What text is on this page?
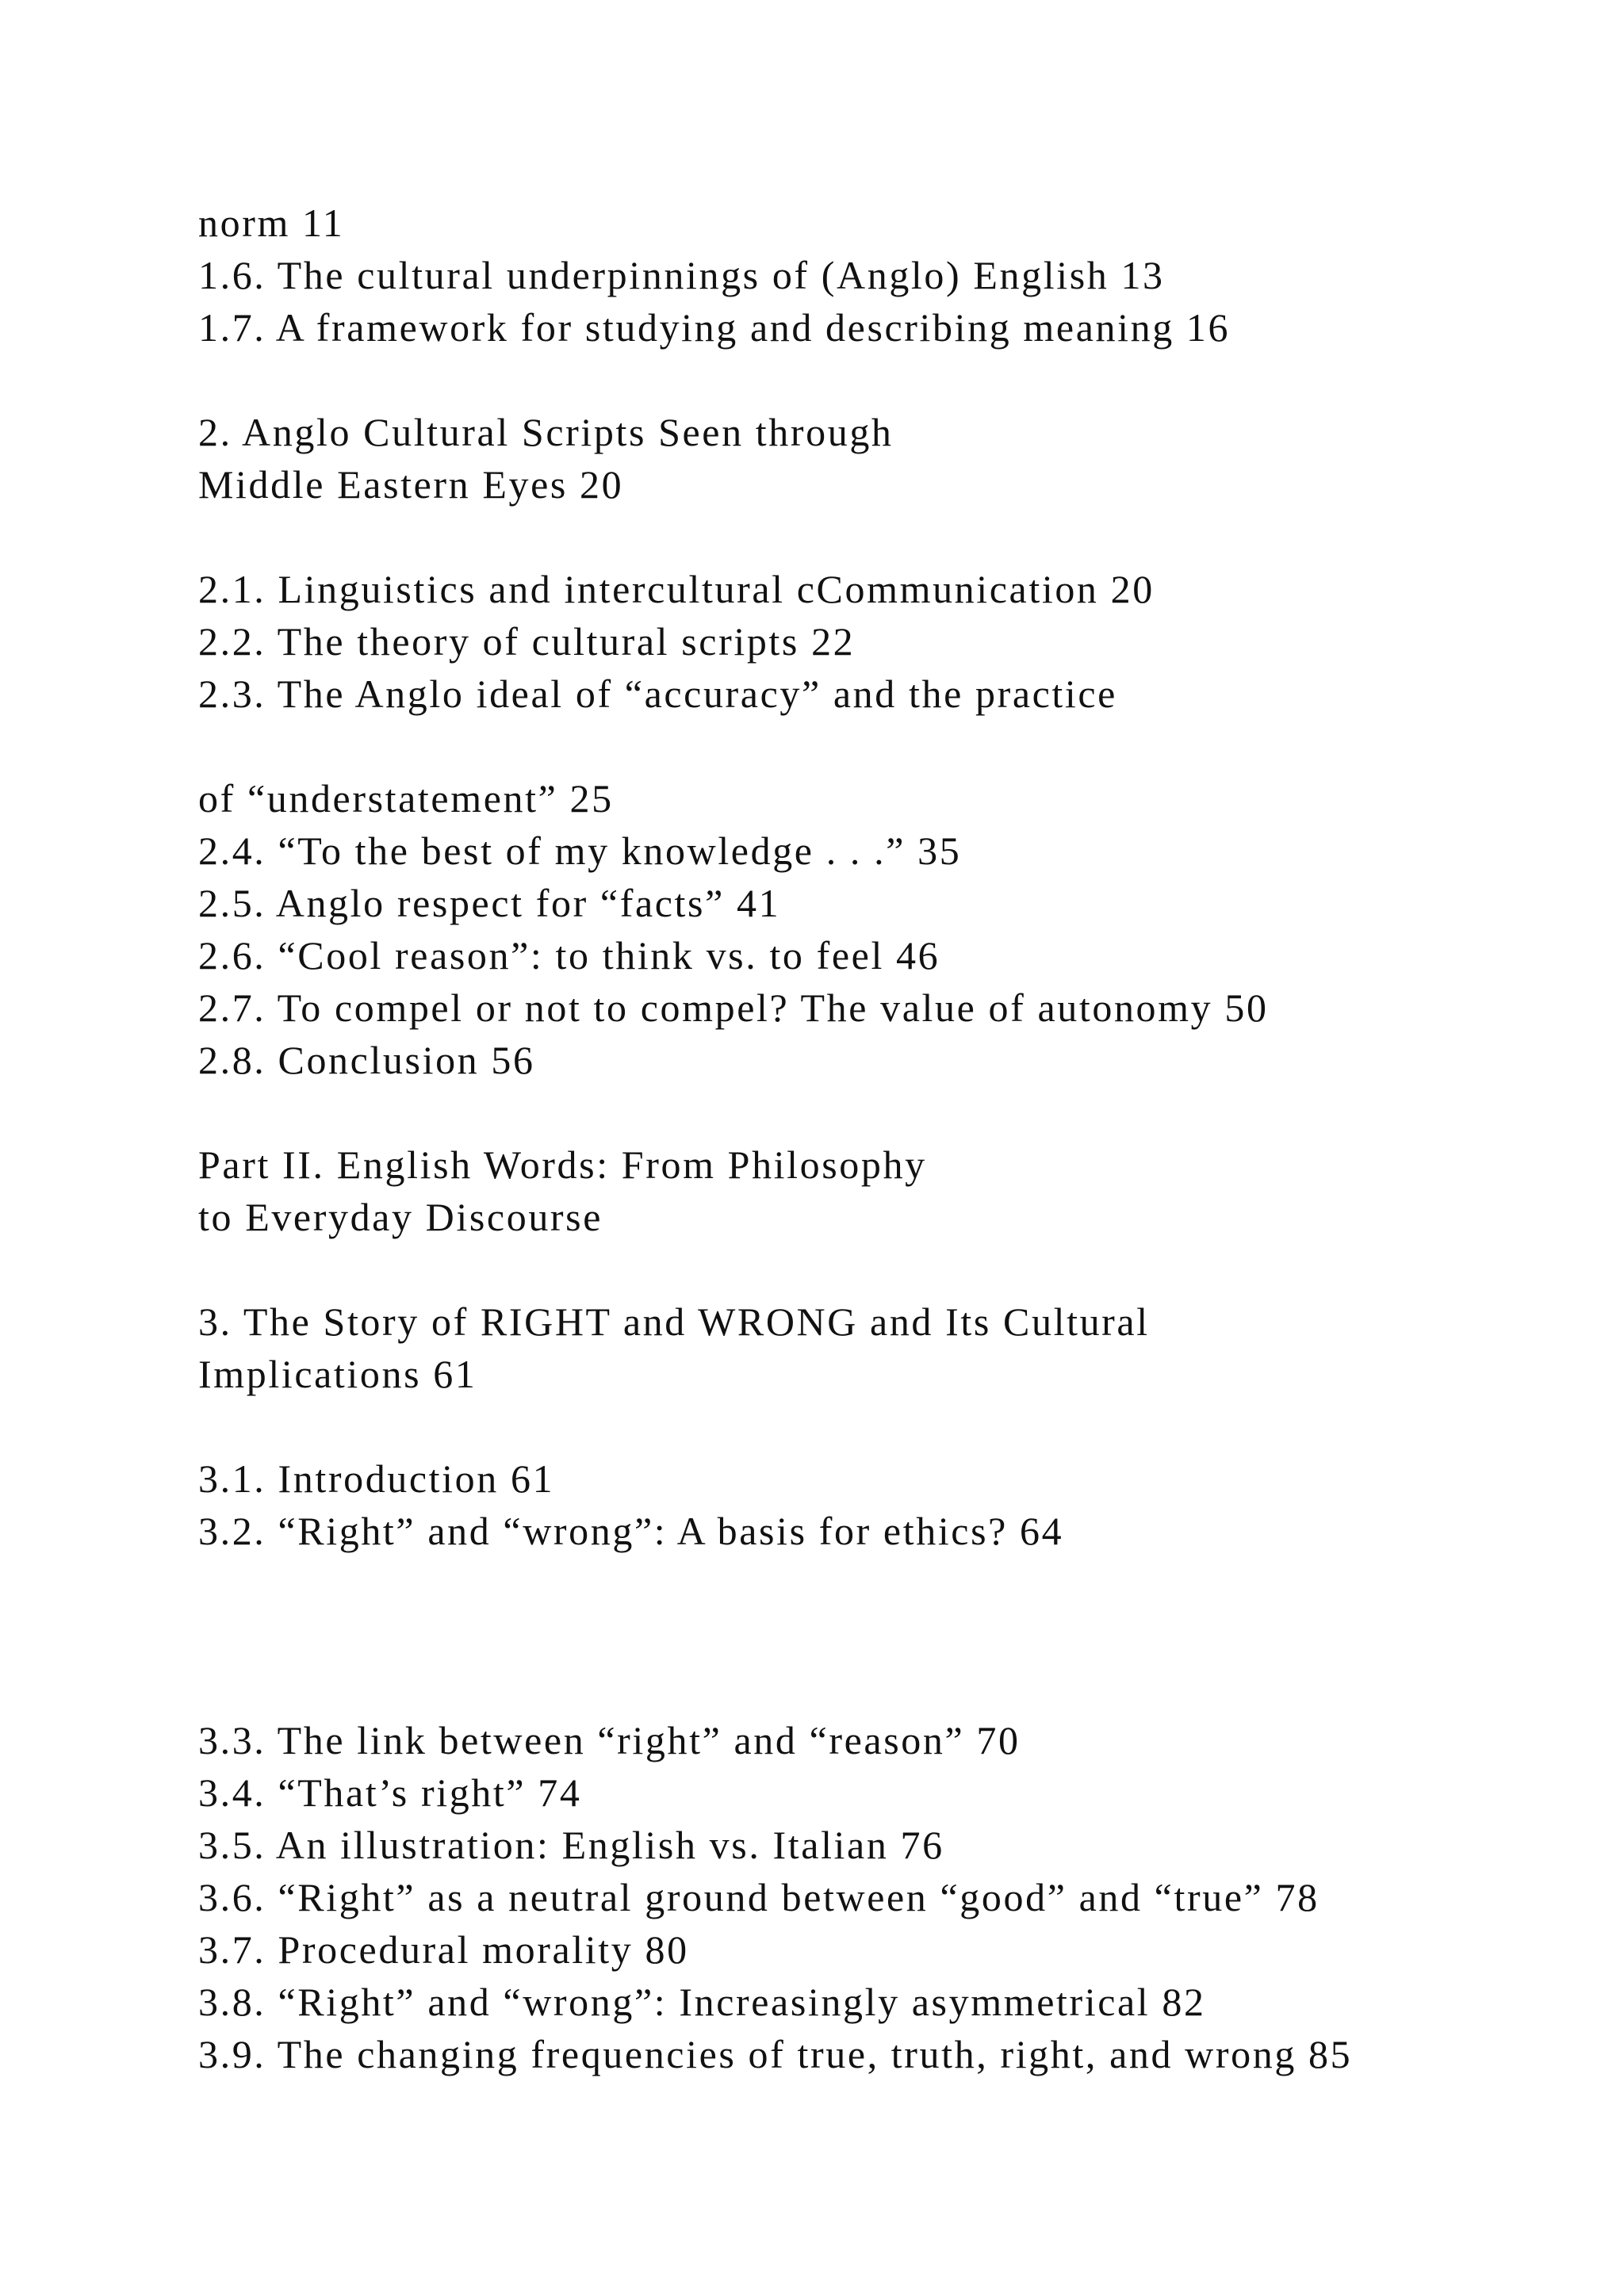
norm 11
1.6. The cultural underpinnings of (Anglo) English 13
1.7. A framework for studying and describing meaning 16
2. Anglo Cultural Scripts Seen through
Middle Eastern Eyes 20
2.1. Linguistics and intercultural cCommunication 20
2.2. The theory of cultural scripts 22
2.3. The Anglo ideal of “accuracy” and the practice
of “understatement” 25
2.4. “To the best of my knowledge . . .” 35
2.5. Anglo respect for “facts” 41
2.6. “Cool reason”: to think vs. to feel 46
2.7. To compel or not to compel? The value of autonomy 50
2.8. Conclusion 56
Part II. English Words: From Philosophy
to Everyday Discourse
3. The Story of RIGHT and WRONG and Its Cultural
Implications 61
3.1. Introduction 61
3.2. “Right” and “wrong”: A basis for ethics? 64
3.3. The link between “right” and “reason” 70
3.4. “That’s right” 74
3.5. An illustration: English vs. Italian 76
3.6. “Right” as a neutral ground between “good” and “true” 78
3.7. Procedural morality 80
3.8. “Right” and “wrong”: Increasingly asymmetrical 82
3.9. The changing frequencies of true, truth, right, and wrong 85
